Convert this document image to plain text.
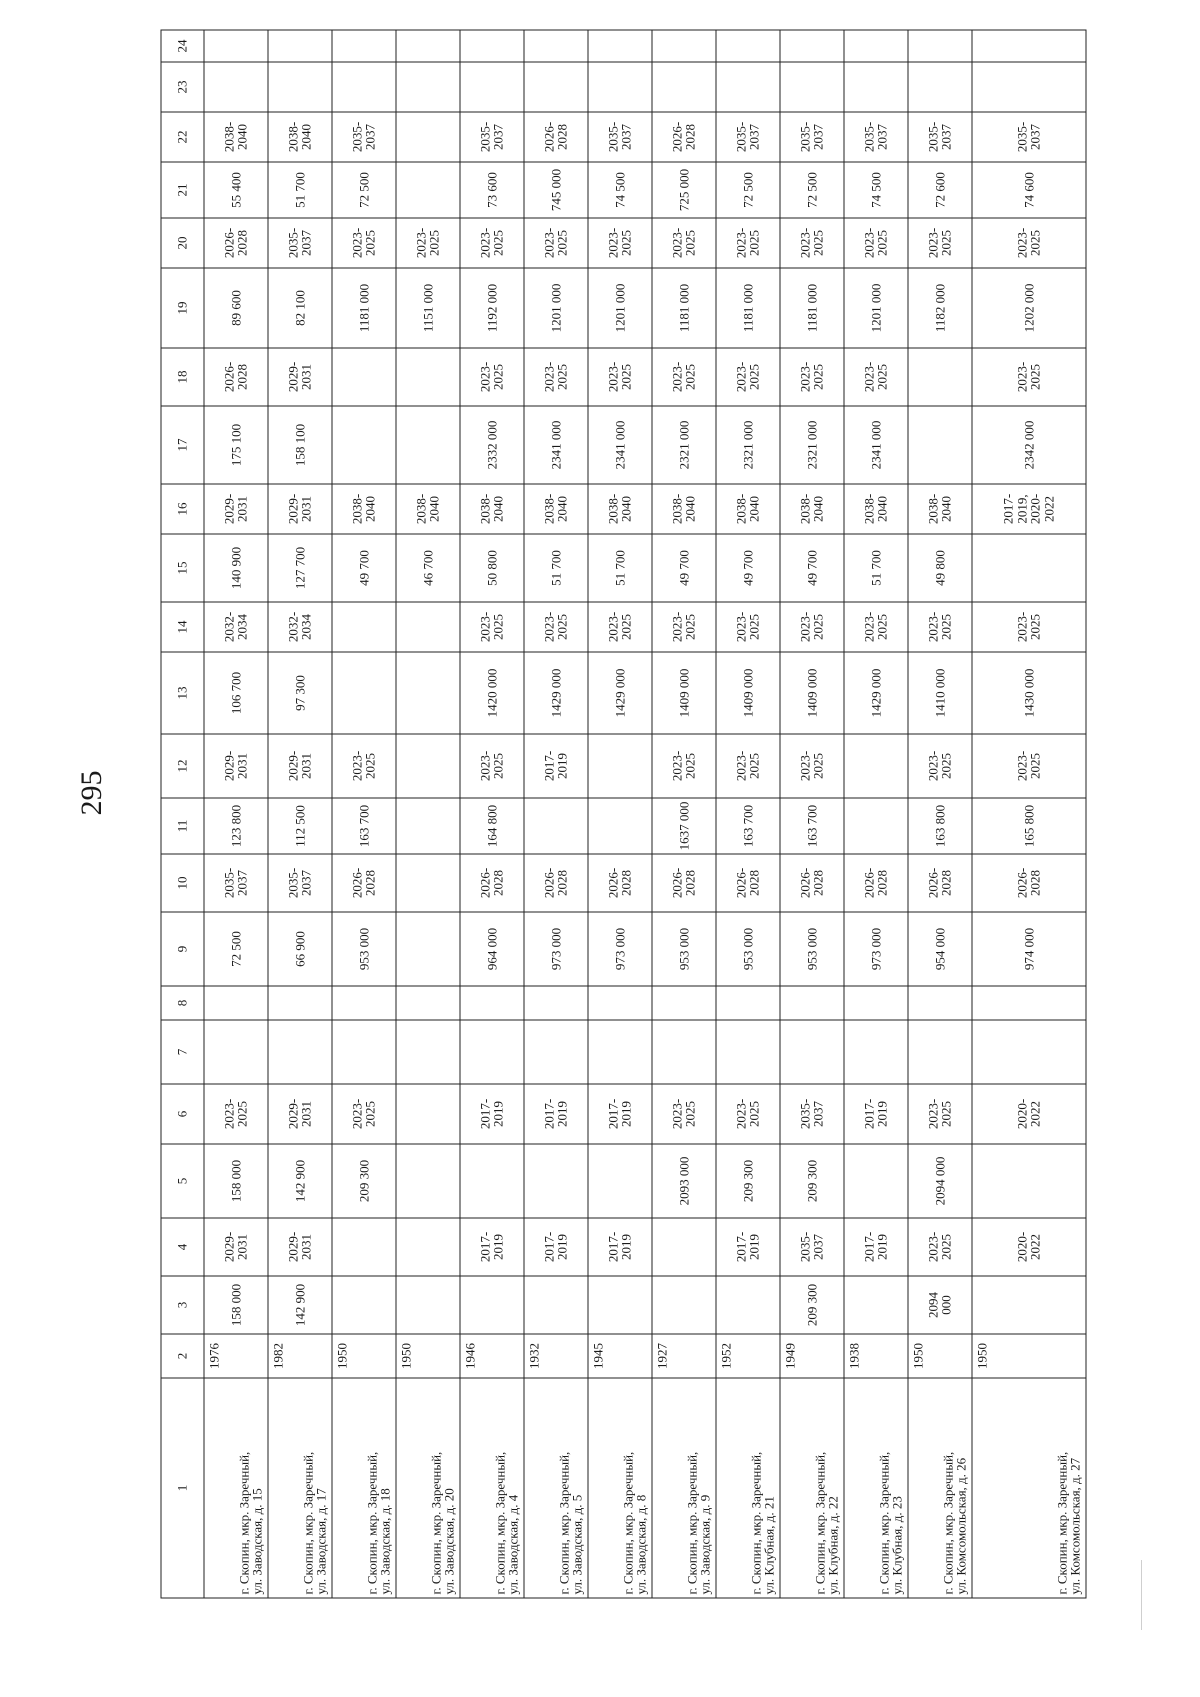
295
1	2	3	4	5	6	7	8	9	10	11	12	13	14	15	16	17	18	19	20	21	22	23	24
г. Скопин, мкр. Заречный,
ул. Заводская, д. 15	1976	158 000	2029-
2031	158 000	2023-
2025			72 500	2035-
2037	123 800	2029-
2031	106 700	2032-
2034	140 900	2029-
2031	175 100	2026-
2028	89 600	2026-
2028	55 400	2038-
2040		
г. Скопин, мкр. Заречный,
ул. Заводская, д. 17	1982	142 900	2029-
2031	142 900	2029-
2031			66 900	2035-
2037	112 500	2029-
2031	97 300	2032-
2034	127 700	2029-
2031	158 100	2029-
2031	82 100	2035-
2037	51 700	2038-
2040		
г. Скопин, мкр. Заречный,
ул. Заводская, д. 18	1950			209 300	2023-
2025			953 000	2026-
2028	163 700	2023-
2025			49 700	2038-
2040			1181 000	2023-
2025	72 500	2035-
2037		
г. Скопин, мкр. Заречный,
ул. Заводская, д. 20	1950													46 700	2038-
2040			1151 000	2023-
2025				
г. Скопин, мкр. Заречный,
ул. Заводская, д. 4	1946		2017-
2019		2017-
2019			964 000	2026-
2028	164 800	2023-
2025	1420 000	2023-
2025	50 800	2038-
2040	2332 000	2023-
2025	1192 000	2023-
2025	73 600	2035-
2037		
г. Скопин, мкр. Заречный,
ул. Заводская, д. 5	1932		2017-
2019		2017-
2019			973 000	2026-
2028		2017-
2019	1429 000	2023-
2025	51 700	2038-
2040	2341 000	2023-
2025	1201 000	2023-
2025	745 000	2026-
2028		
г. Скопин, мкр. Заречный,
ул. Заводская, д. 8	1945		2017-
2019		2017-
2019			973 000	2026-
2028			1429 000	2023-
2025	51 700	2038-
2040	2341 000	2023-
2025	1201 000	2023-
2025	74 500	2035-
2037		
г. Скопин, мкр. Заречный,
ул. Заводская, д. 9	1927			2093 000	2023-
2025			953 000	2026-
2028	1637 000	2023-
2025	1409 000	2023-
2025	49 700	2038-
2040	2321 000	2023-
2025	1181 000	2023-
2025	725 000	2026-
2028		
г. Скопин, мкр. Заречный,
ул. Клубная, д. 21	1952		2017-
2019	209 300	2023-
2025			953 000	2026-
2028	163 700	2023-
2025	1409 000	2023-
2025	49 700	2038-
2040	2321 000	2023-
2025	1181 000	2023-
2025	72 500	2035-
2037		
г. Скопин, мкр. Заречный,
ул. Клубная, д. 22	1949	209 300	2035-
2037	209 300	2035-
2037			953 000	2026-
2028	163 700	2023-
2025	1409 000	2023-
2025	49 700	2038-
2040	2321 000	2023-
2025	1181 000	2023-
2025	72 500	2035-
2037		
г. Скопин, мкр. Заречный,
ул. Клубная, д. 23	1938		2017-
2019		2017-
2019			973 000	2026-
2028			1429 000	2023-
2025	51 700	2038-
2040	2341 000	2023-
2025	1201 000	2023-
2025	74 500	2035-
2037		
г. Скопин, мкр. Заречный,
ул. Комсомольская, д. 26	1950	2094
000	2023-
2025	2094 000	2023-
2025			954 000	2026-
2028	163 800	2023-
2025	1410 000	2023-
2025	49 800	2038-
2040			1182 000	2023-
2025	72 600	2035-
2037		
г. Скопин, мкр. Заречный,
ул. Комсомольская, д. 27	1950		2020-
2022		2020-
2022			974 000	2026-
2028	165 800	2023-
2025	1430 000	2023-
2025		2017-
2019,
2020-
2022	2342 000	2023-
2025	1202 000	2023-
2025	74 600	2035-
2037		
